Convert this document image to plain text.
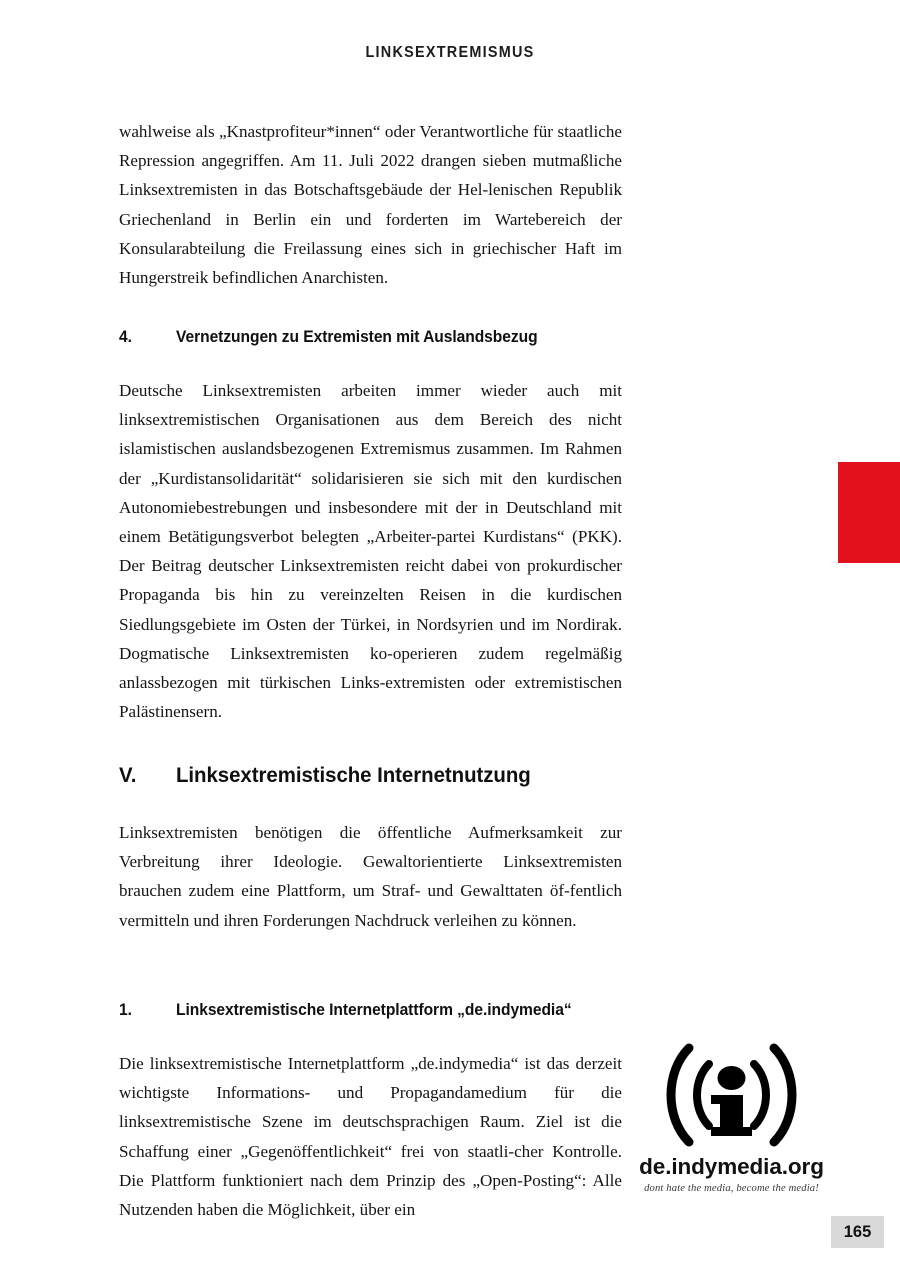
LINKSEXTREMISMUS

wahlweise als „Knastprofiteur*innen“ oder Verantwortliche für staatliche Repression angegriffen. Am 11. Juli 2022 drangen sieben mutmaßliche Linksextremisten in das Botschaftsgebäude der Hel-​lenischen Republik Griechenland in Berlin ein und forderten im Wartebereich der Konsularabteilung die Freilassung eines sich in griechischer Haft im Hungerstreik befindlichen Anarchisten.

4.	Vernetzungen zu Extremisten mit Auslandsbezug

Deutsche Linksextremisten arbeiten immer wieder auch mit linksextremistischen Organisationen aus dem Bereich des nicht islamistischen auslandsbezogenen Extremismus zusammen. Im Rahmen der „Kurdistansolidarität“ solidarisieren sie sich mit den kurdischen Autonomiebestrebungen und insbesondere mit der in Deutschland mit einem Betätigungsverbot belegten „Arbeiter-​partei Kurdistans“ (PKK). Der Beitrag deutscher Linksextremisten reicht dabei von prokurdischer Propaganda bis hin zu vereinzelten Reisen in die kurdischen Siedlungsgebiete im Osten der Türkei, in Nordsyrien und im Nordirak. Dogmatische Linksextremisten ko-​operieren zudem regelmäßig anlassbezogen mit türkischen Links-​extremisten oder extremistischen Palästinensern.

V.	Linksextremistische Internetnutzung

Linksextremisten benötigen die öffentliche Aufmerksamkeit zur Verbreitung ihrer Ideologie. Gewaltorientierte Linksextremisten brauchen zudem eine Plattform, um Straf- und Gewalttaten öf-​fentlich vermitteln und ihren Forderungen Nachdruck verleihen zu können.

1.	Linksextremistische Internetplattform „de.indymedia“

Die linksextremistische Internetplattform „de.indymedia“ ist das derzeit wichtigste Informations- und Propagandamedium für die linksextremistische Szene im deutschsprachigen Raum. Ziel ist die Schaffung einer „Gegenöffentlichkeit“ frei von staatli-​cher Kontrolle. Die Plattform funktioniert nach dem Prinzip des „Open-Posting“: Alle Nutzenden haben die Möglichkeit, über ein

de.indymedia.org
dont hate the media, become the media!
165
